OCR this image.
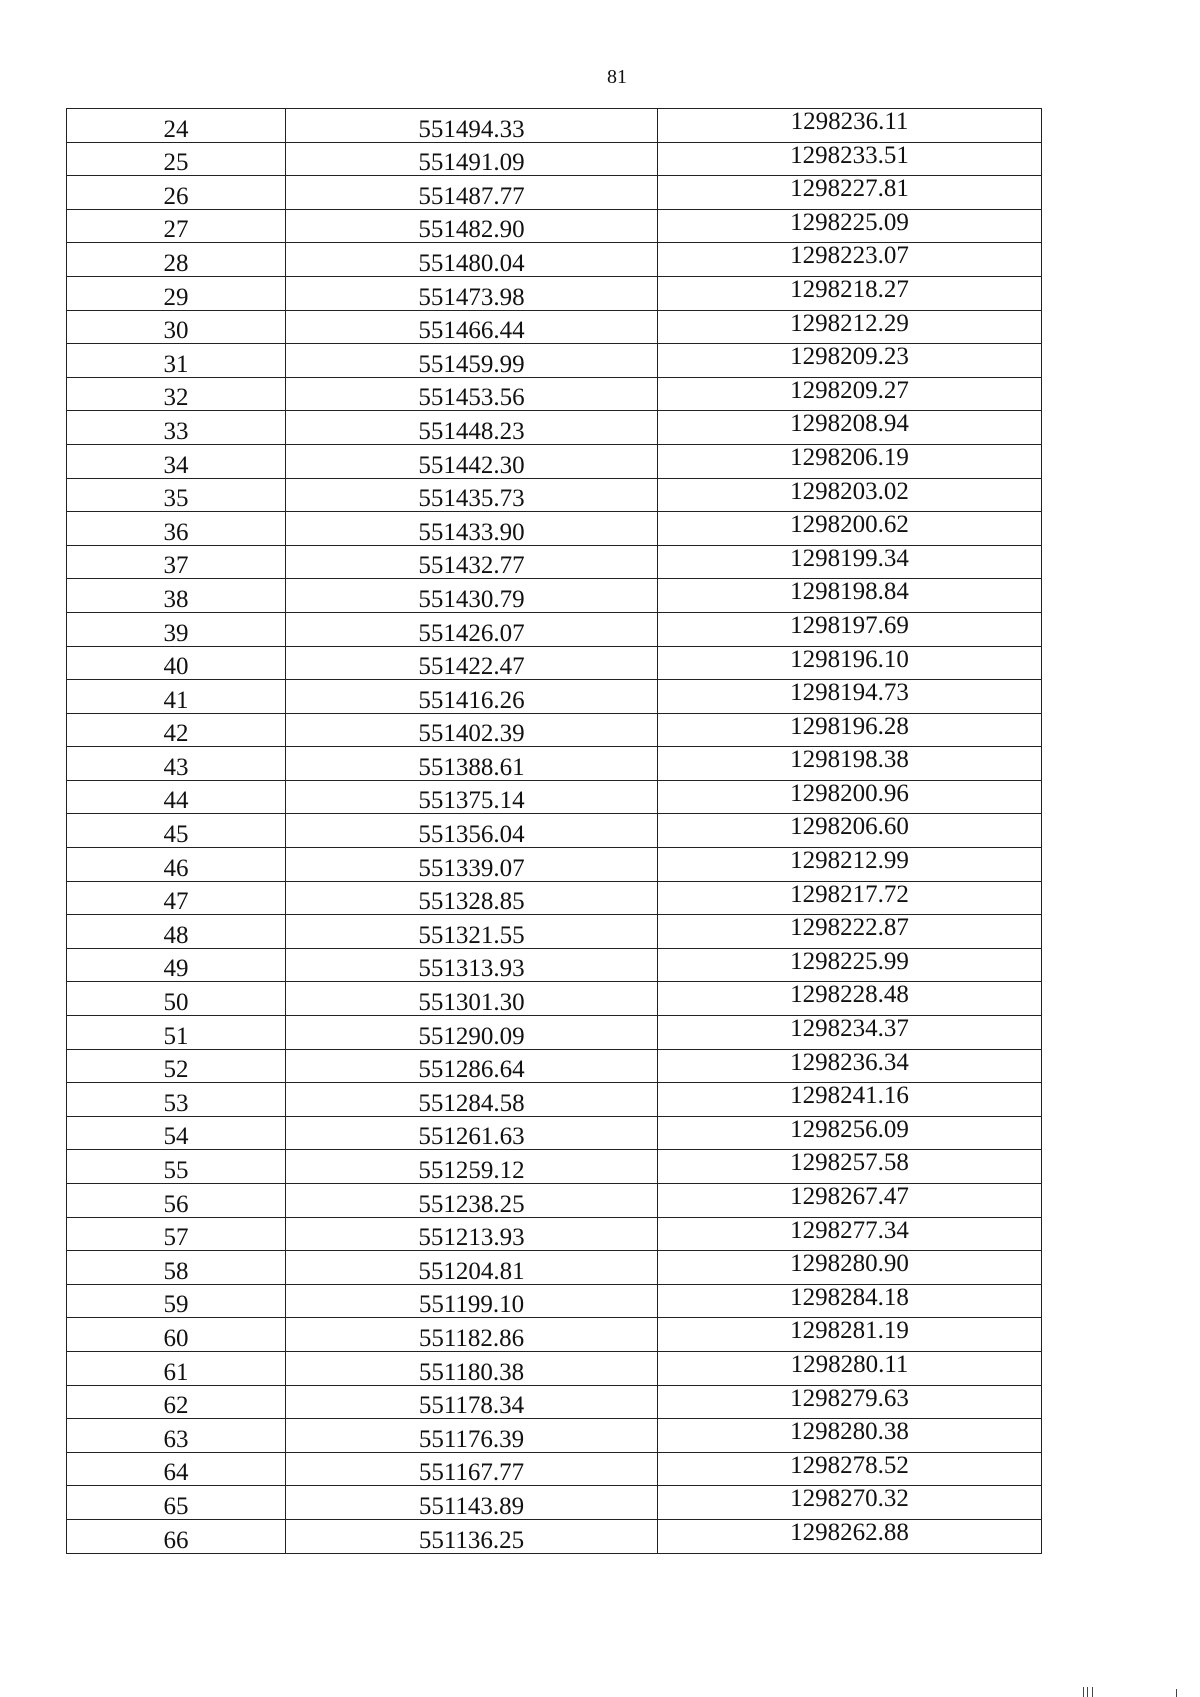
81
24	551494.33	1298236.11
25	551491.09	1298233.51
26	551487.77	1298227.81
27	551482.90	1298225.09
28	551480.04	1298223.07
29	551473.98	1298218.27
30	551466.44	1298212.29
31	551459.99	1298209.23
32	551453.56	1298209.27
33	551448.23	1298208.94
34	551442.30	1298206.19
35	551435.73	1298203.02
36	551433.90	1298200.62
37	551432.77	1298199.34
38	551430.79	1298198.84
39	551426.07	1298197.69
40	551422.47	1298196.10
41	551416.26	1298194.73
42	551402.39	1298196.28
43	551388.61	1298198.38
44	551375.14	1298200.96
45	551356.04	1298206.60
46	551339.07	1298212.99
47	551328.85	1298217.72
48	551321.55	1298222.87
49	551313.93	1298225.99
50	551301.30	1298228.48
51	551290.09	1298234.37
52	551286.64	1298236.34
53	551284.58	1298241.16
54	551261.63	1298256.09
55	551259.12	1298257.58
56	551238.25	1298267.47
57	551213.93	1298277.34
58	551204.81	1298280.90
59	551199.10	1298284.18
60	551182.86	1298281.19
61	551180.38	1298280.11
62	551178.34	1298279.63
63	551176.39	1298280.38
64	551167.77	1298278.52
65	551143.89	1298270.32
66	551136.25	1298262.88
